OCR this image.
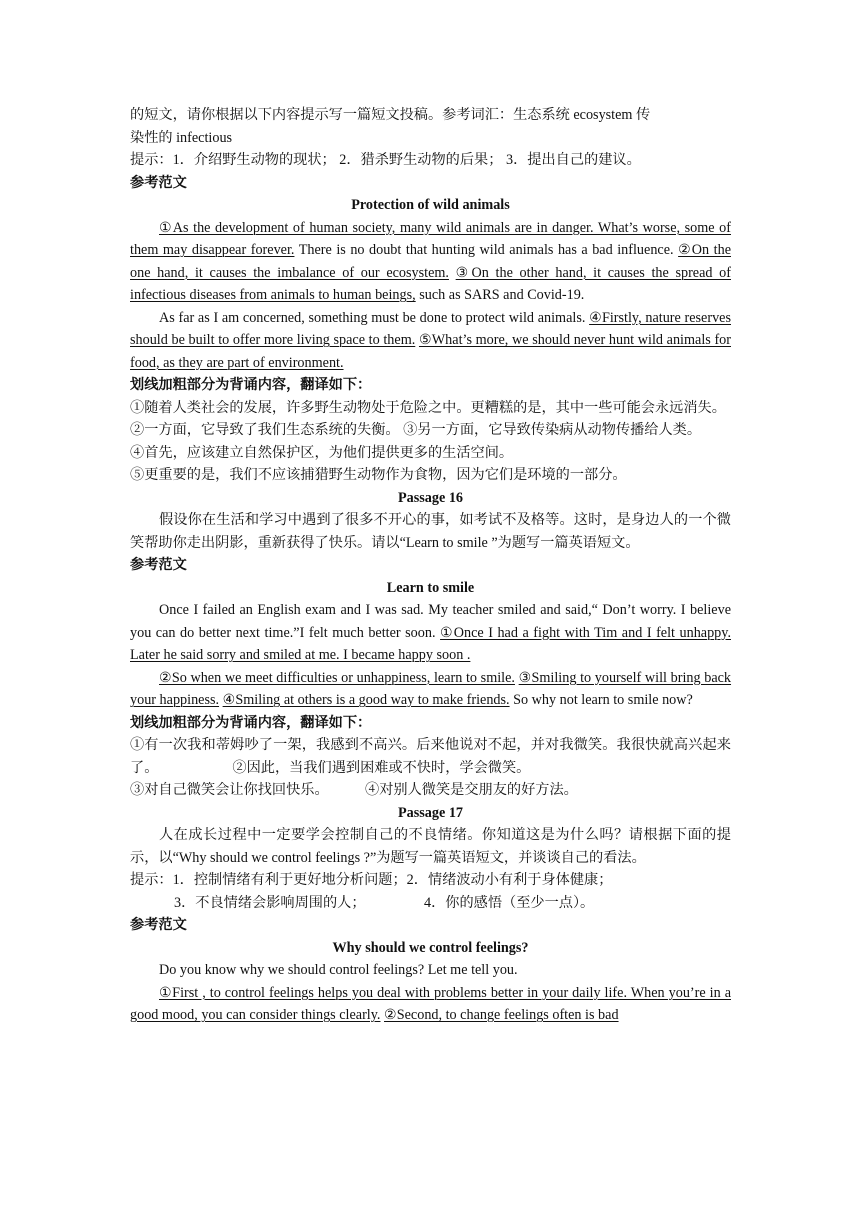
的短文，请你根据以下内容提示写一篇短文投稿。参考词汇：生态系统 ecosystem 传
染性的 infectious

提示：1．介绍野生动物的现状； 2．猎杀野生动物的后果； 3．提出自己的建议。

参考范文

Protection of wild animals

①As the development of human society, many wild animals are in danger. What’s worse, some of them may disappear forever. There is no doubt that hunting wild animals has a bad influence. ②On the one hand, it causes the imbalance of our ecosystem. ③On the other hand, it causes the spread of infectious diseases from animals to human beings, such as SARS and Covid-19.

As far as I am concerned, something must be done to protect wild animals. ④Firstly, nature reserves should be built to offer more living space to them. ⑤What’s more, we should never hunt wild animals for food, as they are part of environment.

划线加粗部分为背诵内容，翻译如下：

①随着人类社会的发展，许多野生动物处于危险之中。更糟糕的是，其中一些可能会永远消失。

②一方面，它导致了我们生态系统的失衡。 ③另一方面，它导致传染病从动物传播给人类。

④首先，应该建立自然保护区，为他们提供更多的生活空间。

⑤更重要的是，我们不应该捕猎野生动物作为食物，因为它们是环境的一部分。

Passage 16

假设你在生活和学习中遇到了很多不开心的事，如考试不及格等。这时，是身边人的一个微笑帮助你走出阴影，重新获得了快乐。请以“Learn to smile ”为题写一篇英语短文。

参考范文

Learn to smile

Once I failed an English exam and I was sad. My teacher smiled and said,“ Don’t worry. I believe you can do better next time.”I felt much better soon. ①Once I had a fight with Tim and I felt unhappy. Later he said sorry and smiled at me. I became happy soon .

②So when we meet difficulties or unhappiness, learn to smile. ③Smiling to yourself will bring back your happiness. ④Smiling at others is a good way to make friends. So why not learn to smile now?

划线加粗部分为背诵内容，翻译如下：

①有一次我和蒂姆吵了一架，我感到不高兴。后来他说对不起，并对我微笑。我很快就高兴起来了。	②因此，当我们遇到困难或不快时，学会微笑。

③对自己微笑会让你找回快乐。	④对别人微笑是交朋友的好方法。

Passage 17

人在成长过程中一定要学会控制自己的不良情绪。你知道这是为什么吗？请根据下面的提示，以“Why should we control feelings ?”为题写一篇英语短文，并谈谈自己的看法。

提示：1．控制情绪有利于更好地分析问题；2．情绪波动小有利于身体健康；

3．不良情绪会影响周围的人；	4．你的感悟（至少一点）。

参考范文

Why should we control feelings?

Do you know why we should control feelings? Let me tell you.

①First , to control feelings helps you deal with problems better in your daily life. When you’re in a good mood, you can consider things clearly. ②Second, to change feelings often is bad
